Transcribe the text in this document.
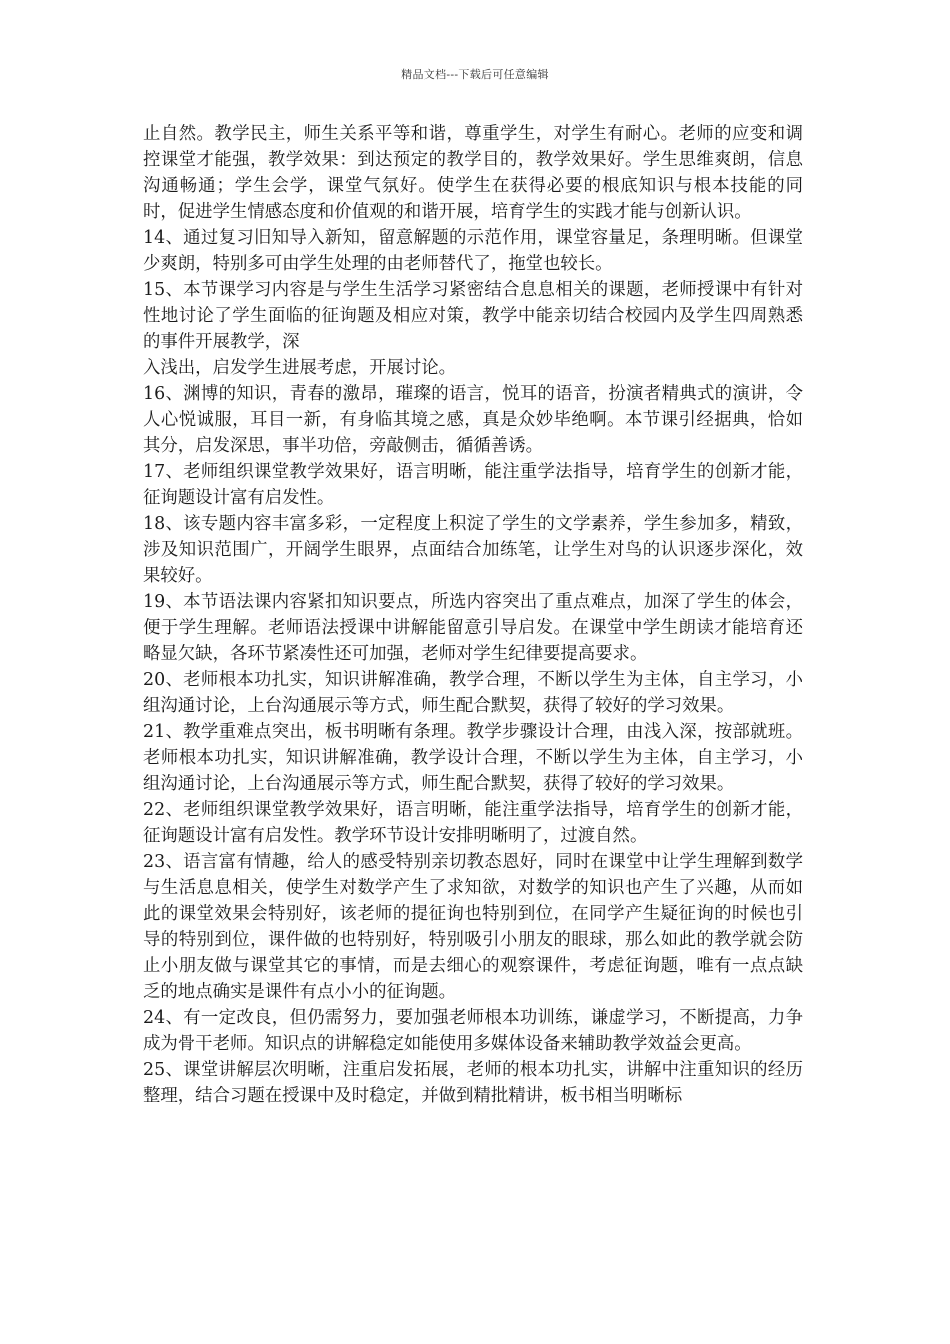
精品文档---下载后可任意编辑

止自然。教学民主，师生关系平等和谐，尊重学生，对学生有耐心。老师的应变和调控课堂才能强，教学效果：到达预定的教学目的，教学效果好。学生思维爽朗，信息沟通畅通；学生会学，课堂气氛好。使学生在获得必要的根底知识与根本技能的同时，促进学生情感态度和价值观的和谐开展，培育学生的实践才能与创新认识。

14、通过复习旧知导入新知，留意解题的示范作用，课堂容量足，条理明晰。但课堂少爽朗，特别多可由学生处理的由老师替代了，拖堂也较长。

15、本节课学习内容是与学生生活学习紧密结合息息相关的课题，老师授课中有针对性地讨论了学生面临的征询题及相应对策，教学中能亲切结合校园内及学生四周熟悉的事件开展教学，深
入浅出，启发学生进展考虑，开展讨论。

16、渊博的知识，青春的激昂，璀璨的语言，悦耳的语音，扮演者精典式的演讲，令人心悦诚服，耳目一新，有身临其境之感，真是众妙毕绝啊。本节课引经据典，恰如其分，启发深思，事半功倍，旁敲侧击，循循善诱。

17、老师组织课堂教学效果好，语言明晰，能注重学法指导，培育学生的创新才能，征询题设计富有启发性。

18、该专题内容丰富多彩，一定程度上积淀了学生的文学素养，学生参加多，精致，涉及知识范围广，开阔学生眼界，点面结合加练笔，让学生对鸟的认识逐步深化，效果较好。

19、本节语法课内容紧扣知识要点，所选内容突出了重点难点，加深了学生的体会，便于学生理解。老师语法授课中讲解能留意引导启发。在课堂中学生朗读才能培育还略显欠缺，各环节紧凑性还可加强，老师对学生纪律要提高要求。

20、老师根本功扎实，知识讲解准确，教学合理，不断以学生为主体，自主学习，小组沟通讨论，上台沟通展示等方式，师生配合默契，获得了较好的学习效果。

21、教学重难点突出，板书明晰有条理。教学步骤设计合理，由浅入深，按部就班。老师根本功扎实，知识讲解准确，教学设计合理，不断以学生为主体，自主学习，小组沟通讨论，上台沟通展示等方式，师生配合默契，获得了较好的学习效果。

22、老师组织课堂教学效果好，语言明晰，能注重学法指导，培育学生的创新才能，征询题设计富有启发性。教学环节设计安排明晰明了，过渡自然。

23、语言富有情趣，给人的感受特别亲切教态恩好，同时在课堂中让学生理解到数学与生活息息相关，使学生对数学产生了求知欲，对数学的知识也产生了兴趣，从而如此的课堂效果会特别好，该老师的提征询也特别到位，在同学产生疑征询的时候也引导的特别到位，课件做的也特别好，特别吸引小朋友的眼球，那么如此的教学就会防止小朋友做与课堂其它的事情，而是去细心的观察课件，考虑征询题，唯有一点点缺乏的地点确实是课件有点小小的征询题。

24、有一定改良，但仍需努力，要加强老师根本功训练，谦虚学习，不断提高，力争成为骨干老师。知识点的讲解稳定如能使用多媒体设备来辅助教学效益会更高。

25、课堂讲解层次明晰，注重启发拓展，老师的根本功扎实，讲解中注重知识的经历整理，结合习题在授课中及时稳定，并做到精批精讲，板书相当明晰标
